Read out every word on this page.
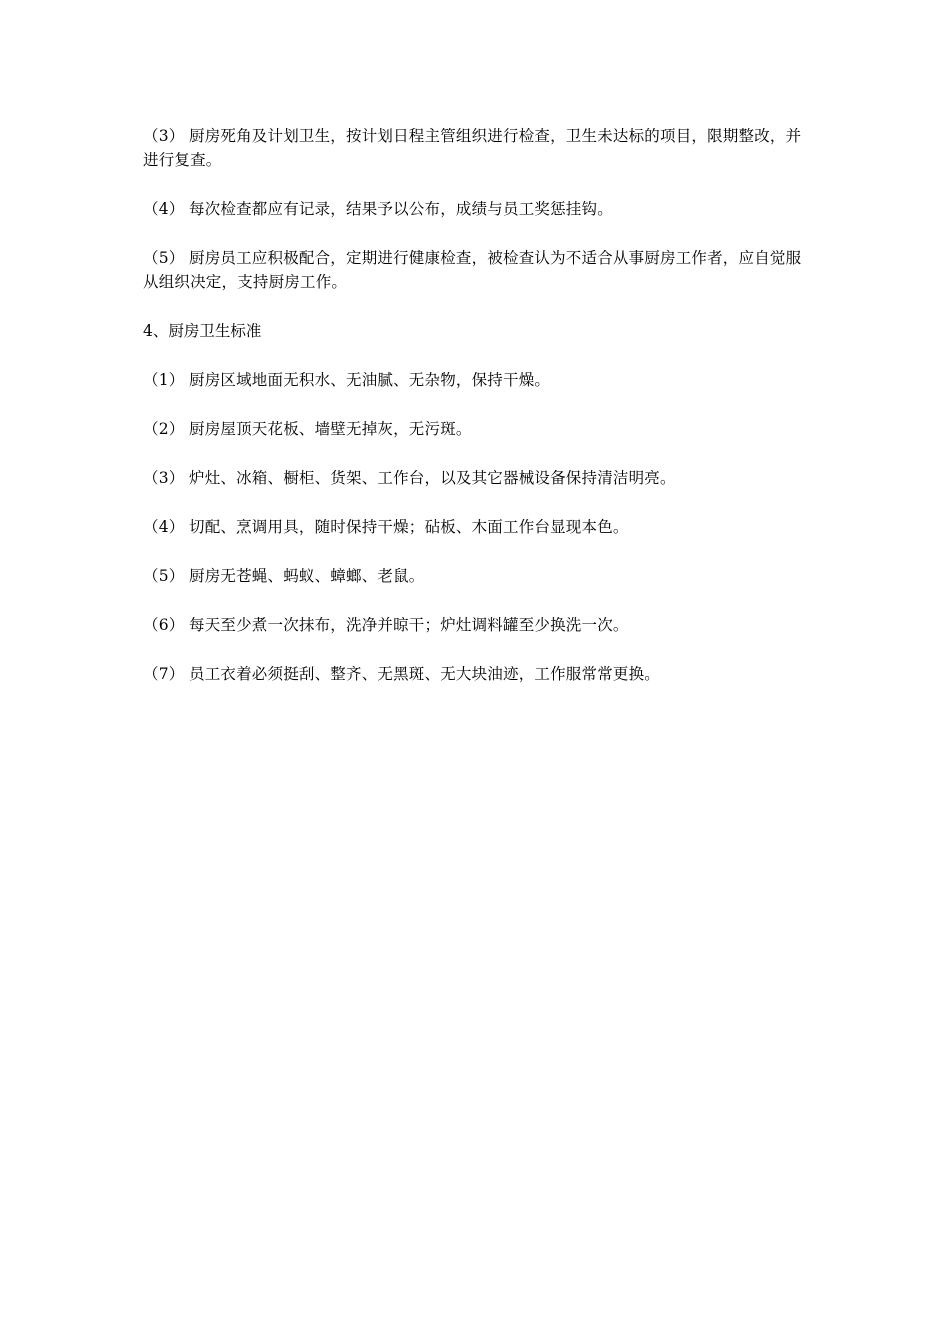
（3） 厨房死角及计划卫生，按计划日程主管组织进行检查，卫生未达标的项目，限期整改，并进行复查。

（4） 每次检查都应有记录，结果予以公布，成绩与员工奖惩挂钩。

（5） 厨房员工应积极配合，定期进行健康检查，被检查认为不适合从事厨房工作者，应自觉服从组织决定，支持厨房工作。

4、厨房卫生标准

（1） 厨房区域地面无积水、无油腻、无杂物，保持干燥。

（2） 厨房屋顶天花板、墙壁无掉灰，无污斑。

（3） 炉灶、冰箱、橱柜、货架、工作台，以及其它器械设备保持清洁明亮。

（4） 切配、烹调用具，随时保持干燥；砧板、木面工作台显现本色。

（5） 厨房无苍蝇、蚂蚁、蟑螂、老鼠。

（6） 每天至少煮一次抹布，洗净并晾干；炉灶调料罐至少换洗一次。

（7） 员工衣着必须挺刮、整齐、无黑斑、无大块油迹，工作服常常更换。
